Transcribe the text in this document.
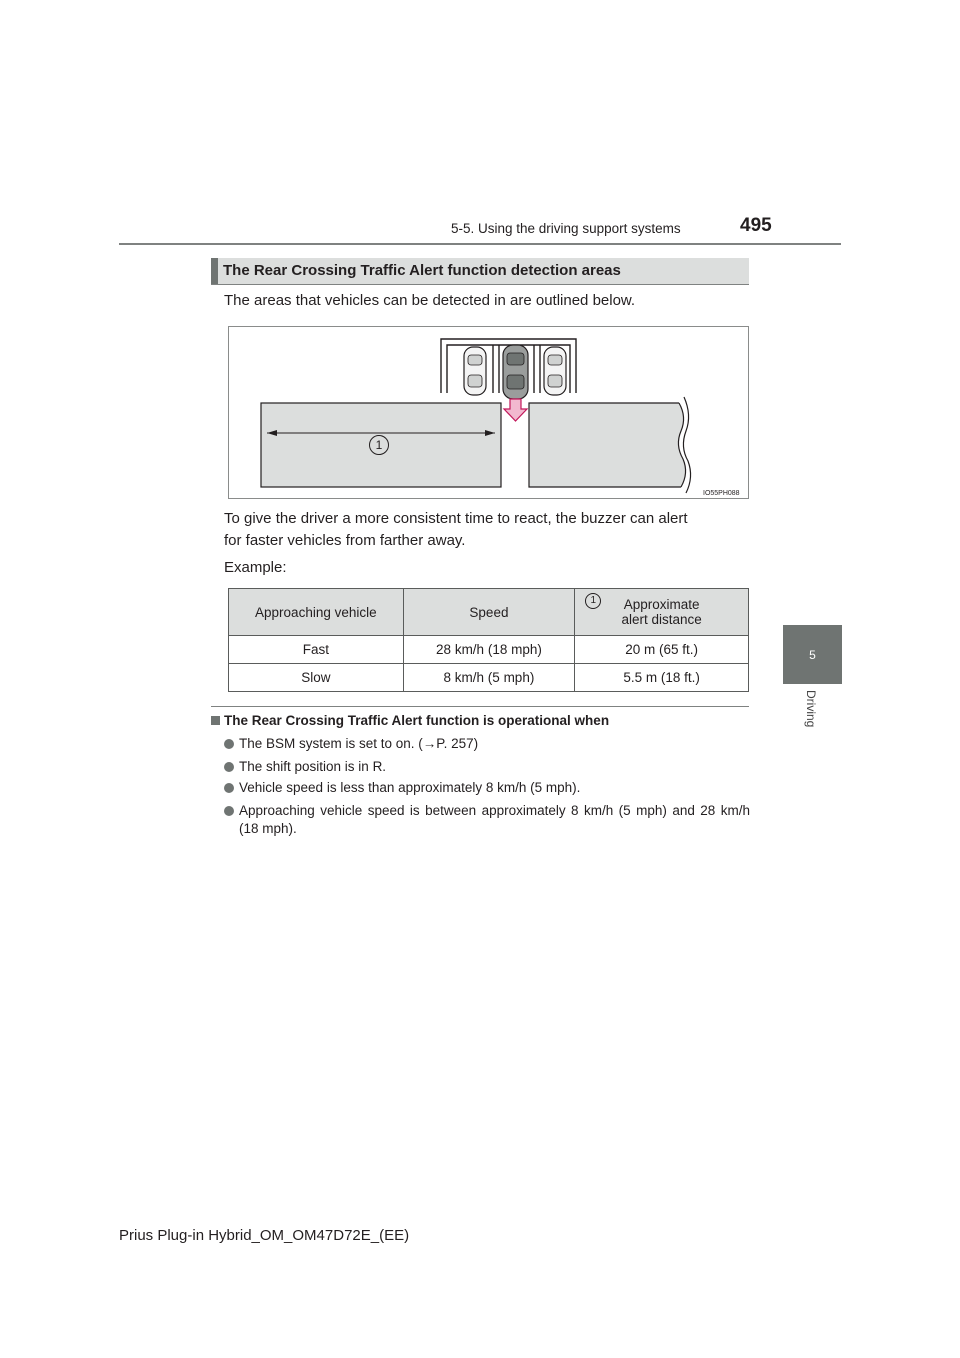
5-5. Using the driving support systems	495
5
Driving
The Rear Crossing Traffic Alert function detection areas
The areas that vehicles can be detected in are outlined below.
1
IO55PH088
To give the driver a more consistent time to react, the buzzer can alert
for faster vehicles from farther away.
Example:
Approaching vehicle	Speed	1 Approximate
alert distance

Fast	28 km/h (18 mph)	20 m (65 ft.)
Slow	8 km/h (5 mph)	5.5 m (18 ft.)
The Rear Crossing Traffic Alert function is operational when
The BSM system is set to on. (→P. 257)
The shift position is in R.
Vehicle speed is less than approximately 8 km/h (5 mph).
Approaching vehicle speed is between approximately 8 km/h (5 mph) and 28 km/h (18 mph).
Prius Plug-in Hybrid_OM_OM47D72E_(EE)
